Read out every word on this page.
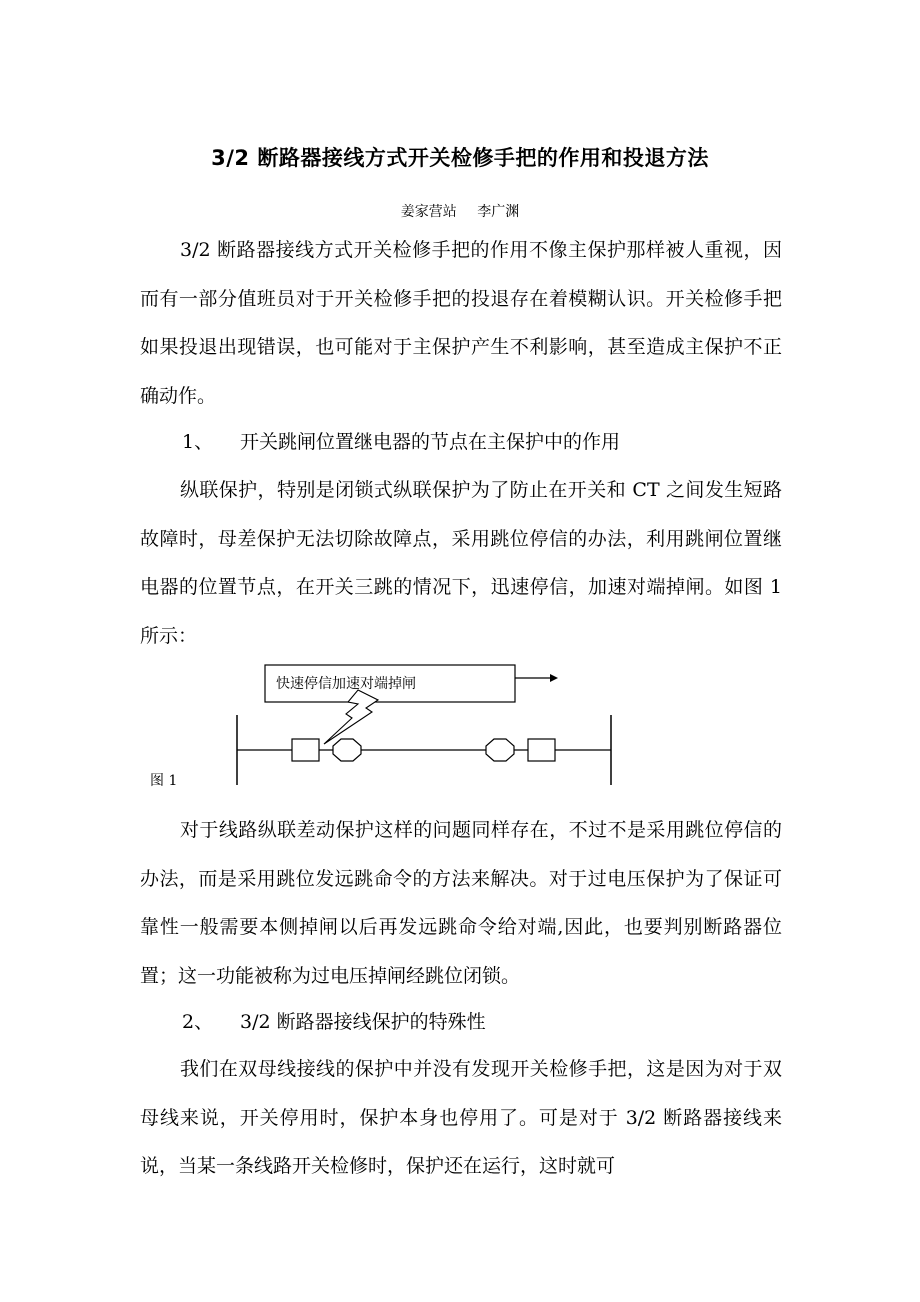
3/2 断路器接线方式开关检修手把的作用和投退方法
姜家营站 李广渊

3/2 断路器接线方式开关检修手把的作用不像主保护那样被人重视，因而有一部分值班员对于开关检修手把的投退存在着模糊认识。开关检修手把如果投退出现错误，也可能对于主保护产生不利影响，甚至造成主保护不正确动作。

1、 开关跳闸位置继电器的节点在主保护中的作用

纵联保护，特别是闭锁式纵联保护为了防止在开关和 CT 之间发生短路故障时，母差保护无法切除故障点，采用跳位停信的办法，利用跳闸位置继电器的位置节点，在开关三跳的情况下，迅速停信，加速对端掉闸。如图 1 所示：

快速停信加速对端掉闸
图 1

对于线路纵联差动保护这样的问题同样存在，不过不是采用跳位停信的办法，而是采用跳位发远跳命令的方法来解决。对于过电压保护为了保证可靠性一般需要本侧掉闸以后再发远跳命令给对端,因此，也要判别断路器位置；这一功能被称为过电压掉闸经跳位闭锁。

2、 3/2 断路器接线保护的特殊性

我们在双母线接线的保护中并没有发现开关检修手把，这是因为对于双母线来说，开关停用时，保护本身也停用了。可是对于 3/2 断路器接线来说，当某一条线路开关检修时，保护还在运行，这时就可
